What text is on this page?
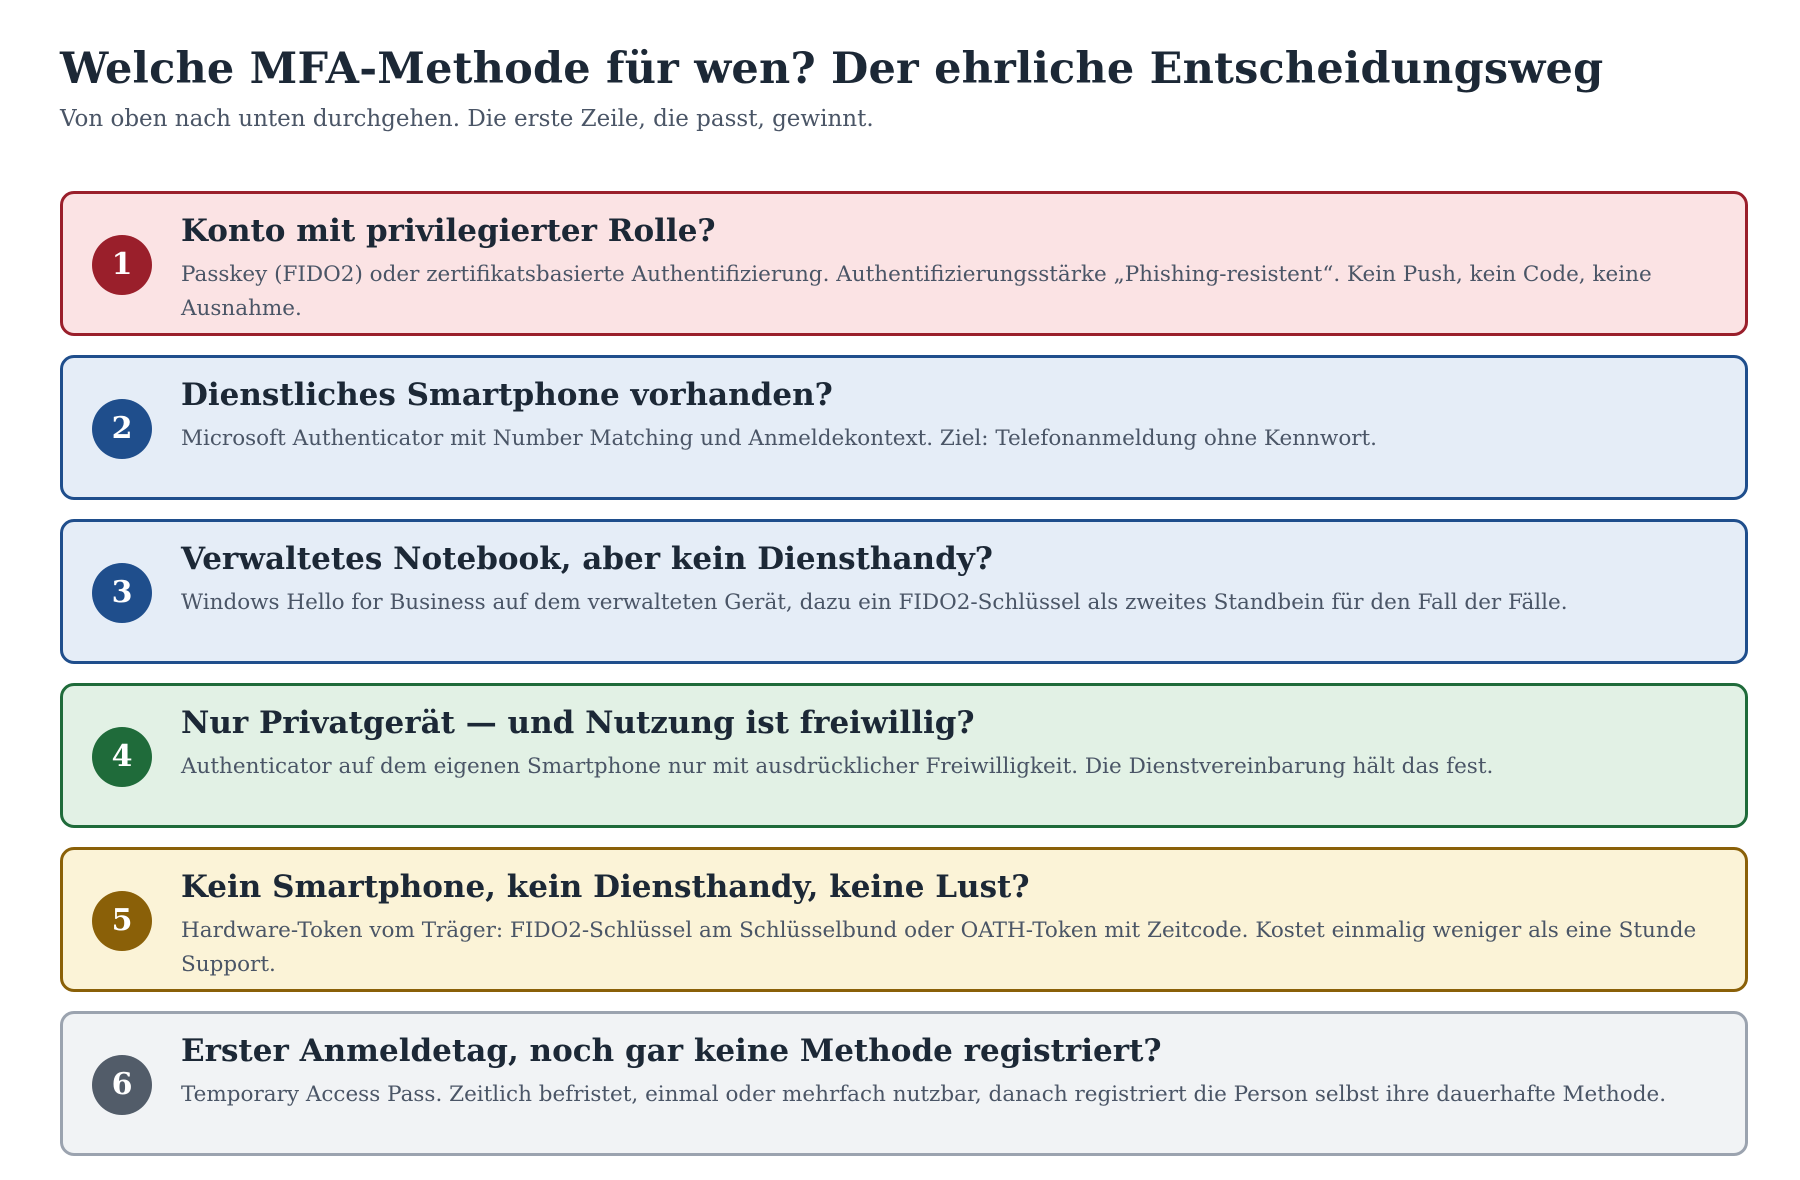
Welche MFA-Methode für wen? Der ehrliche Entscheidungsweg
Von oben nach unten durchgehen. Die erste Zeile, die passt, gewinnt.
1
Konto mit privilegierter Rolle?
Passkey (FIDO2) oder zertifikatsbasierte Authentifizierung. Authentifizierungsstärke „Phishing-resistent“. Kein Push, kein Code, keine Ausnahme.
2
Dienstliches Smartphone vorhanden?
Microsoft Authenticator mit Number Matching und Anmeldekontext. Ziel: Telefonanmeldung ohne Kennwort.
3
Verwaltetes Notebook, aber kein Diensthandy?
Windows Hello for Business auf dem verwalteten Gerät, dazu ein FIDO2-Schlüssel als zweites Standbein für den Fall der Fälle.
4
Nur Privatgerät — und Nutzung ist freiwillig?
Authenticator auf dem eigenen Smartphone nur mit ausdrücklicher Freiwilligkeit. Die Dienstvereinbarung hält das fest.
5
Kein Smartphone, kein Diensthandy, keine Lust?
Hardware-Token vom Träger: FIDO2-Schlüssel am Schlüsselbund oder OATH-Token mit Zeitcode. Kostet einmalig weniger als eine Stunde Support.
6
Erster Anmeldetag, noch gar keine Methode registriert?
Temporary Access Pass. Zeitlich befristet, einmal oder mehrfach nutzbar, danach registriert die Person selbst ihre dauerhafte Methode.
